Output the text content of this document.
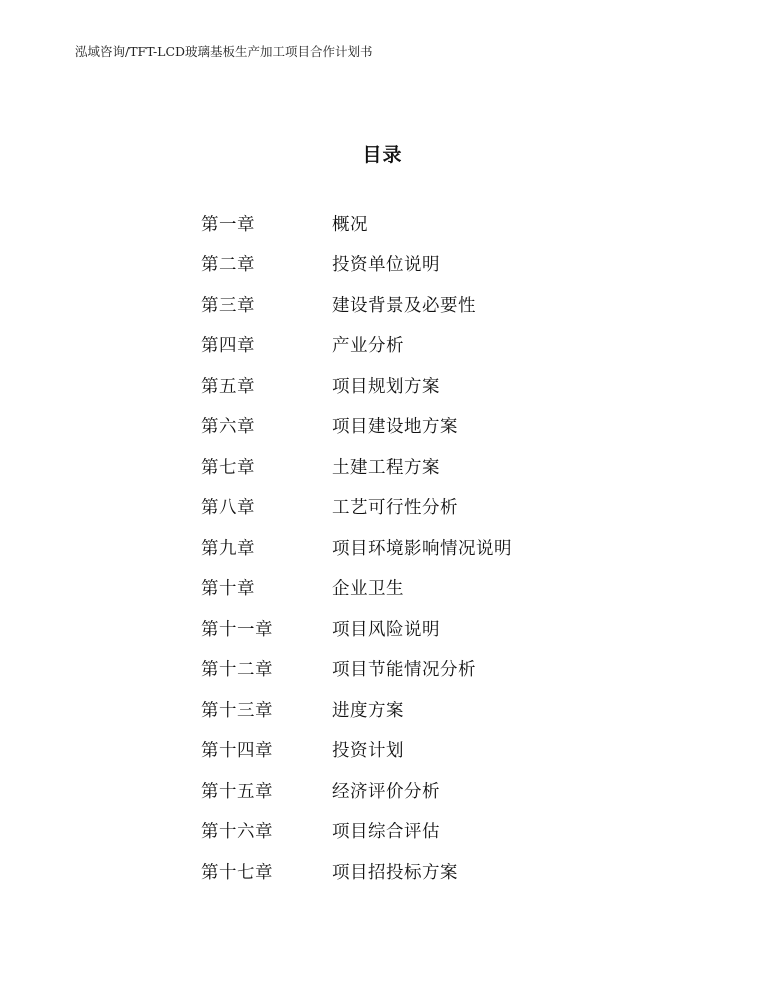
泓域咨询/TFT-LCD玻璃基板生产加工项目合作计划书
目录
第一章	概况
第二章	投资单位说明
第三章	建设背景及必要性
第四章	产业分析
第五章	项目规划方案
第六章	项目建设地方案
第七章	土建工程方案
第八章	工艺可行性分析
第九章	项目环境影响情况说明
第十章	企业卫生
第十一章	项目风险说明
第十二章	项目节能情况分析
第十三章	进度方案
第十四章	投资计划
第十五章	经济评价分析
第十六章	项目综合评估
第十七章	项目招投标方案
